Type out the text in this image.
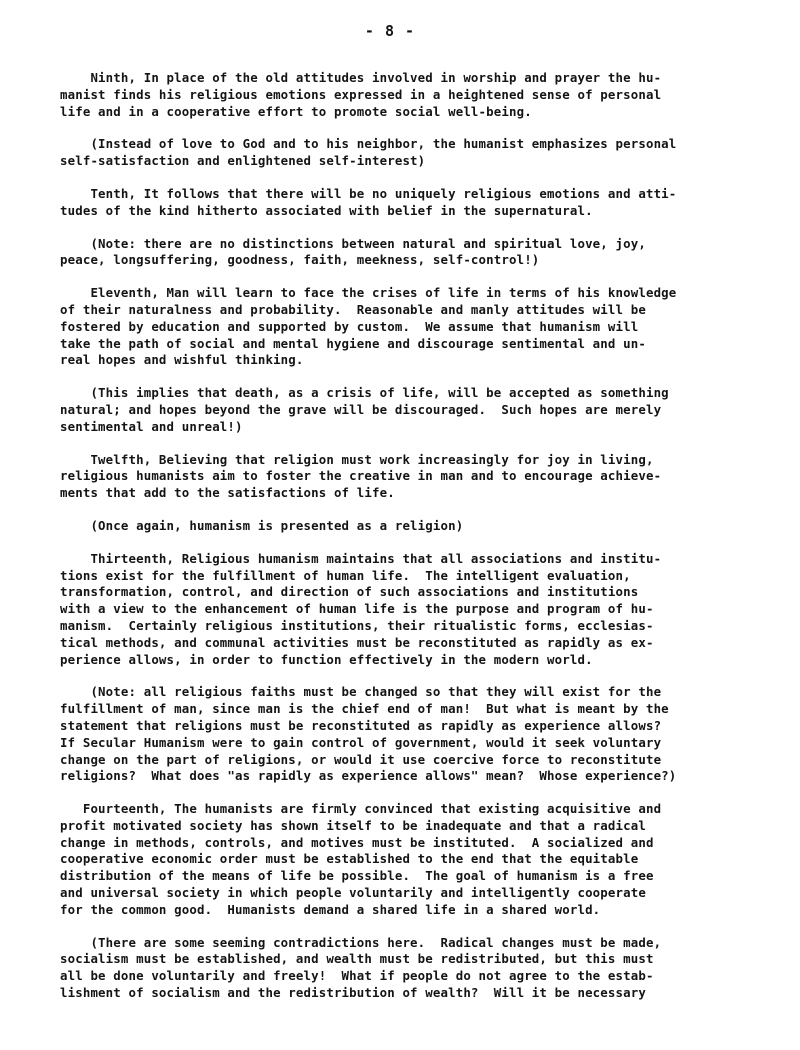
- 8 -
Ninth, In place of the old attitudes involved in worship and prayer the hu-
manist finds his religious emotions expressed in a heightened sense of personal
life and in a cooperative effort to promote social well-being.
(Instead of love to God and to his neighbor, the humanist emphasizes personal
self-satisfaction and enlightened self-interest)
Tenth, It follows that there will be no uniquely religious emotions and atti-
tudes of the kind hitherto associated with belief in the supernatural.
(Note: there are no distinctions between natural and spiritual love, joy,
peace, longsuffering, goodness, faith, meekness, self-control!)
Eleventh, Man will learn to face the crises of life in terms of his knowledge
of their naturalness and probability.  Reasonable and manly attitudes will be
fostered by education and supported by custom.  We assume that humanism will
take the path of social and mental hygiene and discourage sentimental and un-
real hopes and wishful thinking.
(This implies that death, as a crisis of life, will be accepted as something
natural; and hopes beyond the grave will be discouraged.  Such hopes are merely
sentimental and unreal!)
Twelfth, Believing that religion must work increasingly for joy in living,
religious humanists aim to foster the creative in man and to encourage achieve-
ments that add to the satisfactions of life.
(Once again, humanism is presented as a religion)
Thirteenth, Religious humanism maintains that all associations and institu-
tions exist for the fulfillment of human life.  The intelligent evaluation,
transformation, control, and direction of such associations and institutions
with a view to the enhancement of human life is the purpose and program of hu-
manism.  Certainly religious institutions, their ritualistic forms, ecclesias-
tical methods, and communal activities must be reconstituted as rapidly as ex-
perience allows, in order to function effectively in the modern world.
(Note: all religious faiths must be changed so that they will exist for the
fulfillment of man, since man is the chief end of man!  But what is meant by the
statement that religions must be reconstituted as rapidly as experience allows?
If Secular Humanism were to gain control of government, would it seek voluntary
change on the part of religions, or would it use coercive force to reconstitute
religions?  What does "as rapidly as experience allows" mean?  Whose experience?)
Fourteenth, The humanists are firmly convinced that existing acquisitive and
profit motivated society has shown itself to be inadequate and that a radical
change in methods, controls, and motives must be instituted.  A socialized and
cooperative economic order must be established to the end that the equitable
distribution of the means of life be possible.  The goal of humanism is a free
and universal society in which people voluntarily and intelligently cooperate
for the common good.  Humanists demand a shared life in a shared world.
(There are some seeming contradictions here.  Radical changes must be made,
socialism must be established, and wealth must be redistributed, but this must
all be done voluntarily and freely!  What if people do not agree to the estab-
lishment of socialism and the redistribution of wealth?  Will it be necessary
